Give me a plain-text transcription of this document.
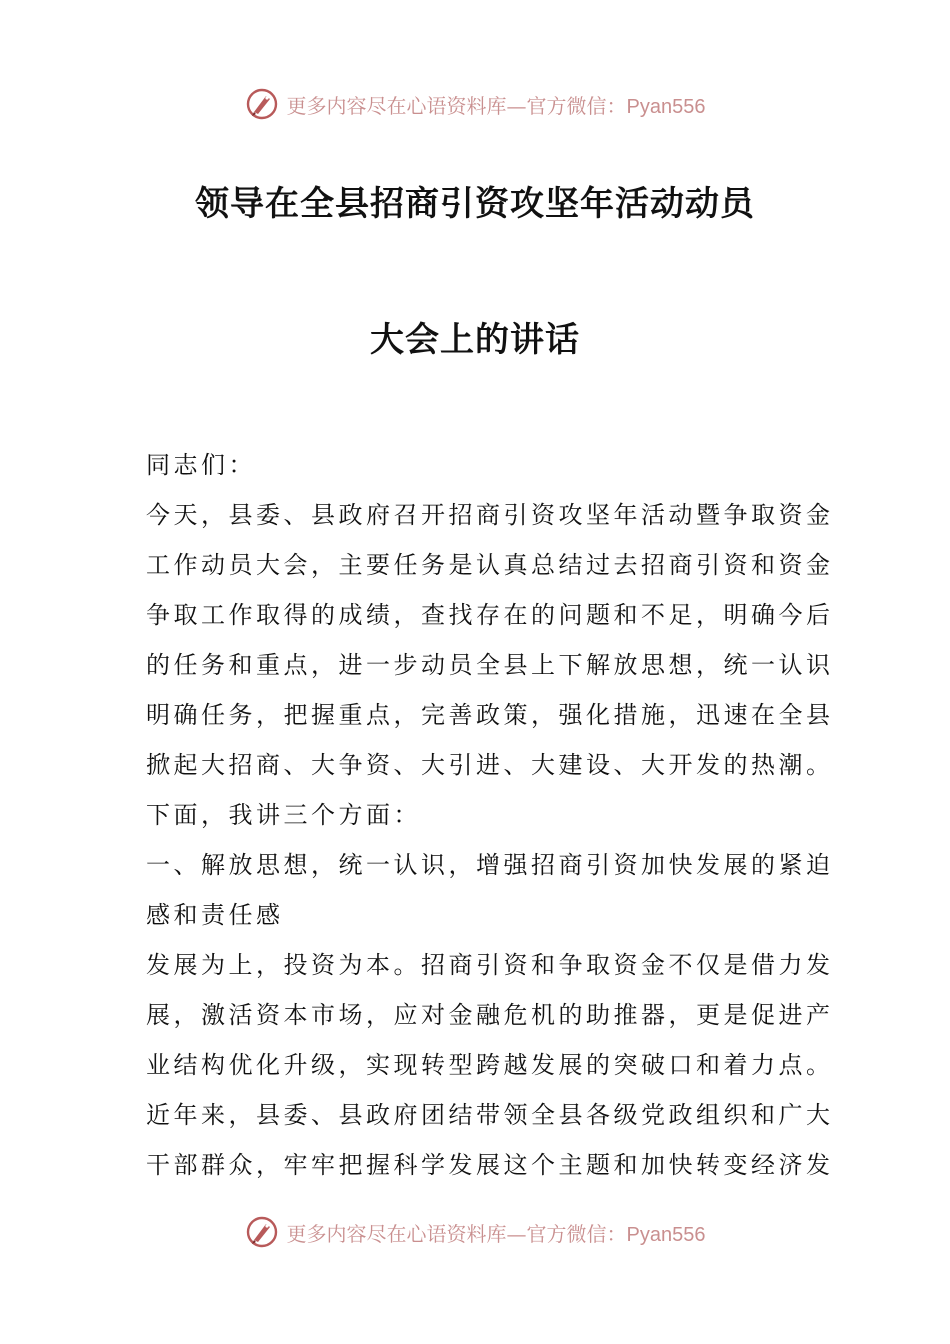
更多内容尽在心语资料库—官方微信：Pyan556
领导在全县招商引资攻坚年活动动员
大会上的讲话
同志们：
今天，县委、县政府召开招商引资攻坚年活动暨争取资金
工作动员大会，主要任务是认真总结过去招商引资和资金
争取工作取得的成绩，查找存在的问题和不足，明确今后
的任务和重点，进一步动员全县上下解放思想，统一认识
明确任务，把握重点，完善政策，强化措施，迅速在全县
掀起大招商、大争资、大引进、大建设、大开发的热潮。
下面，我讲三个方面：
一、解放思想，统一认识，增强招商引资加快发展的紧迫
感和责任感
发展为上，投资为本。招商引资和争取资金不仅是借力发
展，激活资本市场，应对金融危机的助推器，更是促进产
业结构优化升级，实现转型跨越发展的突破口和着力点。
近年来，县委、县政府团结带领全县各级党政组织和广大
干部群众，牢牢把握科学发展这个主题和加快转变经济发
更多内容尽在心语资料库—官方微信：Pyan556
